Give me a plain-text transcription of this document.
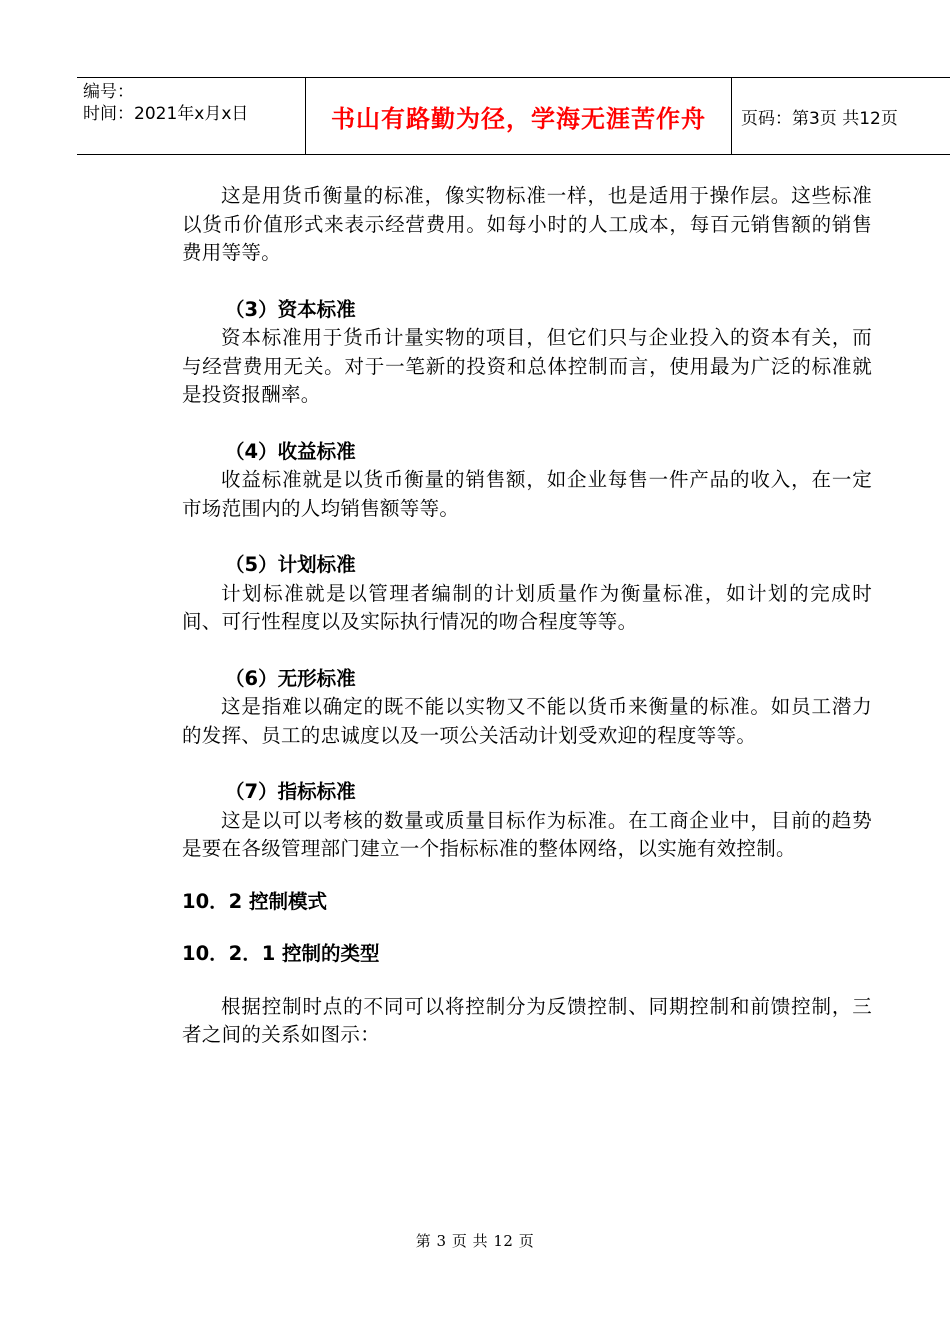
编号：
时间：2021年x月x日	书山有路勤为径，学海无涯苦作舟	页码：第3页 共12页

这是用货币衡量的标准，像实物标准一样，也是适用于操作层。这些标准以货币价值形式来表示经营费用。如每小时的人工成本，每百元销售额的销售费用等等。

（3）资本标准

资本标准用于货币计量实物的项目，但它们只与企业投入的资本有关，而与经营费用无关。对于一笔新的投资和总体控制而言，使用最为广泛的标准就是投资报酬率。

（4）收益标准

收益标准就是以货币衡量的销售额，如企业每售一件产品的收入，在一定市场范围内的人均销售额等等。

（5）计划标准

计划标准就是以管理者编制的计划质量作为衡量标准，如计划的完成时间、可行性程度以及实际执行情况的吻合程度等等。

（6）无形标准

这是指难以确定的既不能以实物又不能以货币来衡量的标准。如员工潜力的发挥、员工的忠诚度以及一项公关活动计划受欢迎的程度等等。

（7）指标标准

这是以可以考核的数量或质量目标作为标准。在工商企业中，目前的趋势是要在各级管理部门建立一个指标标准的整体网络，以实施有效控制。

10．2 控制模式

10．2．1 控制的类型

根据控制时点的不同可以将控制分为反馈控制、同期控制和前馈控制，三者之间的关系如图示：

第 3 页 共 12 页
